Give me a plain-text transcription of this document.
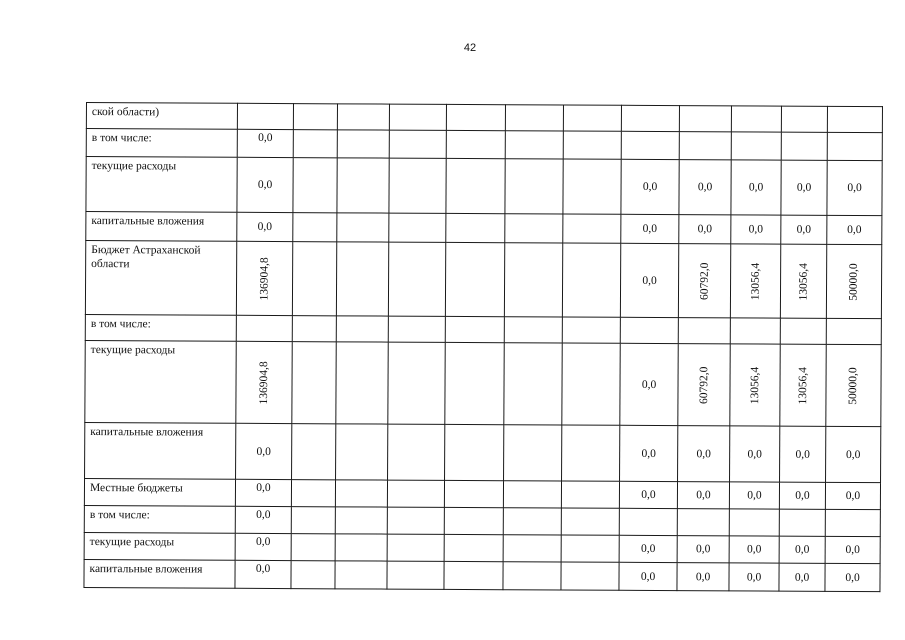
42
ской области)												
в том числе:	0,0											
текущие расходы	0,0							0,0	0,0	0,0	0,0	0,0
капитальные вложения	0,0							0,0	0,0	0,0	0,0	0,0
Бюджет Астраханской области	136904,8							0,0	60792,0	13056,4	13056,4	50000,0
в том числе:												
текущие расходы	136904,8							0,0	60792,0	13056,4	13056,4	50000,0
капитальные вложения	0,0							0,0	0,0	0,0	0,0	0,0
Местные бюджеты	0,0							0,0	0,0	0,0	0,0	0,0
в том числе:	0,0											
текущие расходы	0,0							0,0	0,0	0,0	0,0	0,0
капитальные вложения	0,0							0,0	0,0	0,0	0,0	0,0
